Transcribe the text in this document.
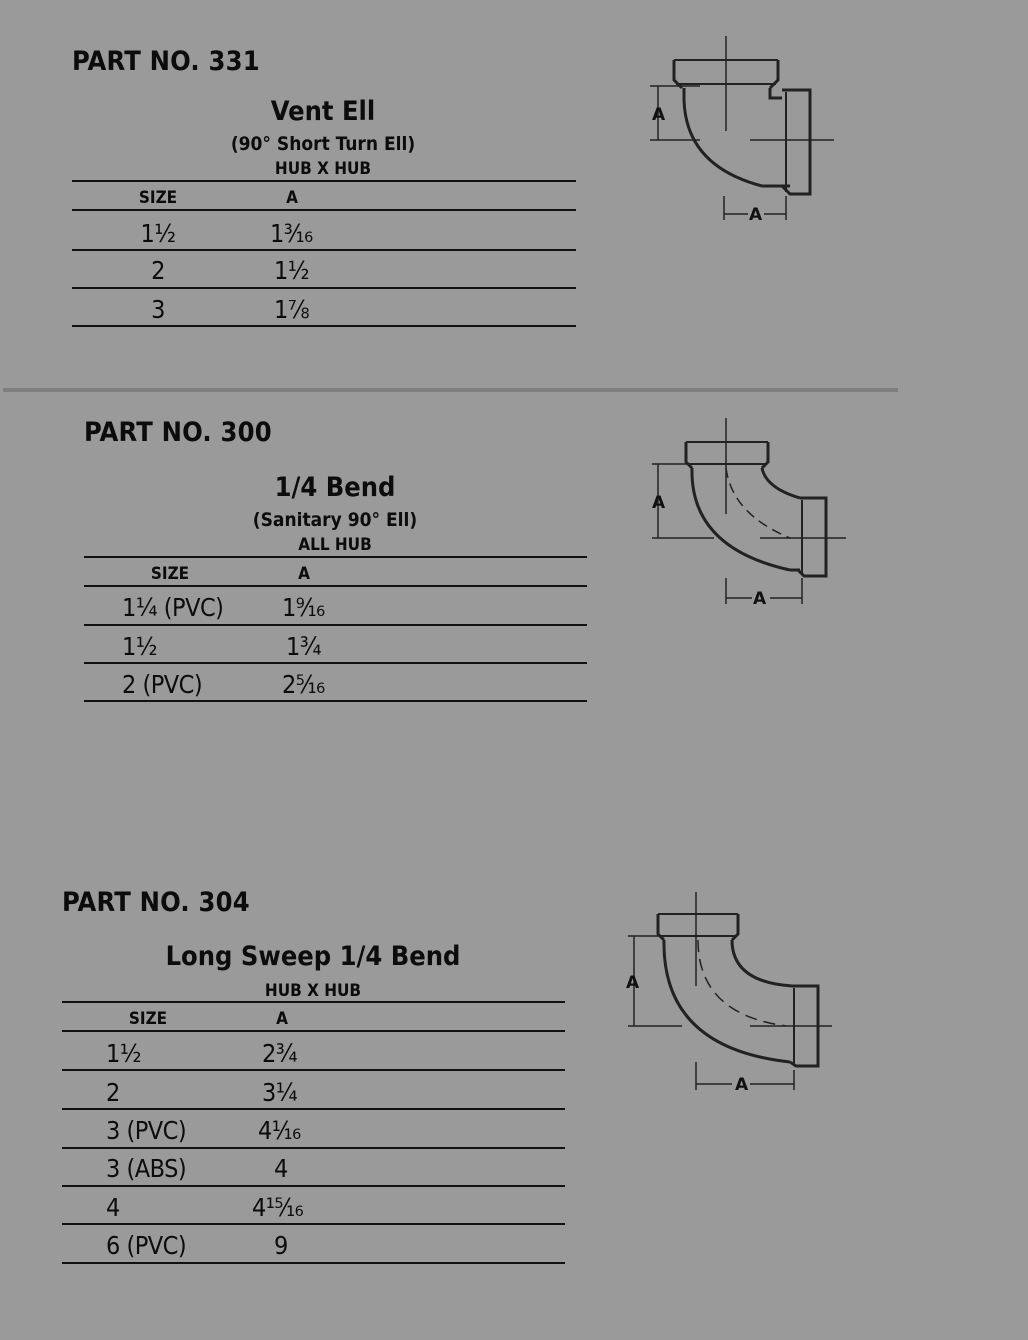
PART NO. 331
Vent Ell
(90° Short Turn Ell)
HUB X HUB
SIZE	A
1½	1³⁄₁₆
2	1½
3	1⅞
A
A
PART NO. 300
1/4 Bend
(Sanitary 90° Ell)
ALL HUB
SIZE	A
1¼ (PVC) 1⁹⁄₁₆
1½	1¾
2 (PVC)	2⁵⁄₁₆
A
A
PART NO. 304
Long Sweep 1/4 Bend
HUB X HUB
SIZE	A
1½	2¾
2	3¼
3 (PVC)	4¹⁄₁₆
3 (ABS)	4
4	4¹⁵⁄₁₆
6 (PVC)	9
A
A
